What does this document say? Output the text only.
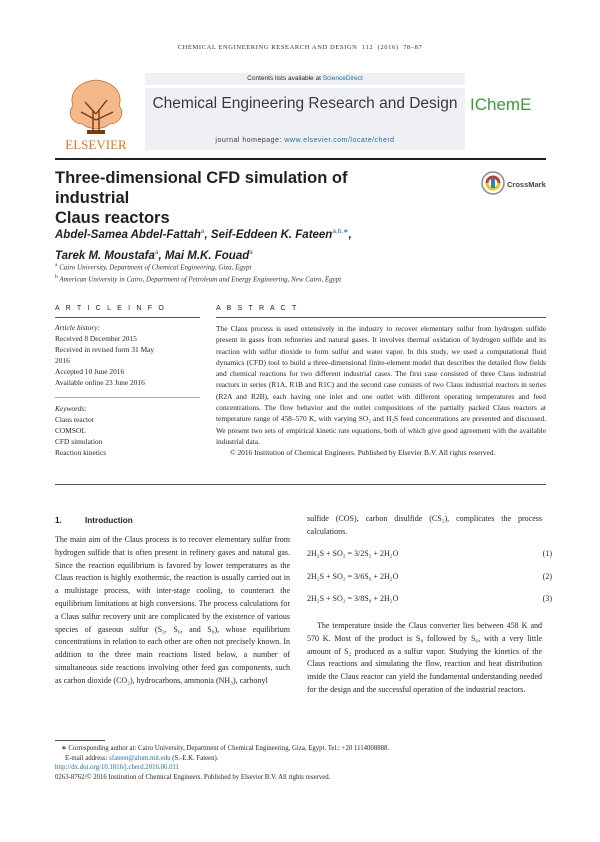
CHEMICAL ENGINEERING RESEARCH AND DESIGN 112 (2016) 78–87
ELSEVIER
Contents lists available at ScienceDirect
Chemical Engineering Research and Design
journal homepage: www.elsevier.com/locate/cherd
IChemE
Three-dimensional CFD simulation of industrial
Claus reactors
CrossMark
Abdel-Samea Abdel-Fattah$^a$, Seif-Eddeen K. Fateen$^{a,b,∗}$,
Tarek M. Moustafa$^a$, Mai M.K. Fouad$^a$
$^a$ Cairo University, Department of Chemical Engineering, Giza, Egypt
$^b$ American University in Cairo, Department of Petroleum and Energy Engineering, New Cairo, Egypt
A R T I C L E I N F O
Article history:
Received 8 December 2015
Received in revised form 31 May
2016
Accepted 10 June 2016
Available online 23 June 2016
Keywords:
Claus reactor
COMSOL
CFD simulation
Reaction kinetics
A B S T R A C T

The Claus process is used extensively in the industry to recover elementary sulfur from hydrogen sulfide present in gases from refineries and natural gases. It involves thermal oxidation of hydrogen sulfide and its reaction with sulfur dioxide to form sulfur and water vapor. In this study, we used a computational fluid dynamics (CFD) tool to build a three-dimensional finite-element model that describes the detailed flow fields and chemical reactions for two different industrial cases. The first case consisted of three Claus industrial reactors in series (R1A, R1B and R1C) and the second case consists of two Claus industrial reactors in series (R2A and R2B), each having one inlet and one outlet with different operating temperatures and feed concentrations. The flow behavior and the outlet compositions of the partially packed Claus reactors at temperature range of 458–570 K, with varying SO₂ and H₂S feed concentrations are presented and discussed. We present two sets of empirical kinetic rate equations, both of which give good agreement with the available industrial data.

© 2016 Institution of Chemical Engineers. Published by Elsevier B.V. All rights reserved.

1.	Introduction

The main aim of the Claus process is to recover elementary sulfur from hydrogen sulfide that is often present in refinery gases and natural gas. Since the reaction equilibrium is favored by lower temperatures as the Claus reaction is highly exothermic, the reaction is usually carried out in a multistage process, with inter-stage cooling, to counteract the equilibrium limitations at high conversions. The process calculations for a Claus sulfur recovery unit are complicated by the existence of various species of gaseous sulfur (S₂, S₆, and S₈), whose equilibrium concentrations in relation to each other are often not precisely known. In addition to the three main reactions listed below, a number of simultaneous side reactions involving other feed gas components, such as carbon dioxide (CO₂), hydrocarbons, ammonia (NH₃), carbonyl

sulfide (COS), carbon disulfide (CS₂), complicates the process calculations.

2H₂S + SO₂ = 3/2S₂ + 2H₂O	(1)
2H₂S + SO₂ = 3/6S₆ + 2H₂O	(2)
2H₂S + SO₂ = 3/8S₈ + 2H₂O	(3)

The temperature inside the Claus converter lies between 458 K and 570 K. Most of the product is S₈ followed by S₆, with a very little amount of S₂ produced as a sulfur vapor. Studying the kinetics of the Claus reactions and simulating the flow, reaction and heat distribution inside the Claus reactor can yield the fundamental understanding needed for the design and the successful operation of the industrial reactors.

∗ Corresponding author at: Cairo University, Department of Chemical Engineering, Giza, Egypt. Tel.: +20 1114008888.
E-mail address: sfateen@alum.mit.edu (S.-E.K. Fateen).
http://dx.doi.org/10.1016/j.cherd.2016.06.011
0263-8762/© 2016 Institution of Chemical Engineers. Published by Elsevier B.V. All rights reserved.
